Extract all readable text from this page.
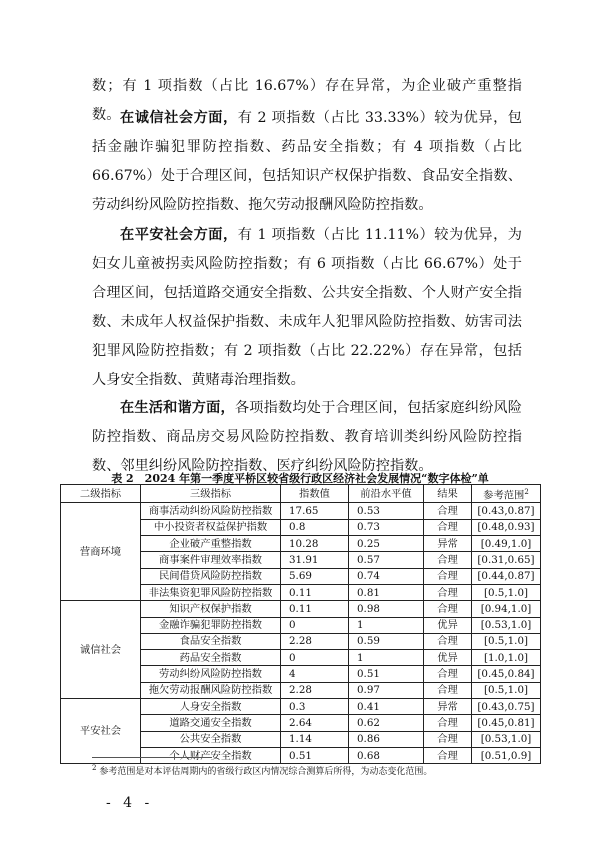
数；有 1 项指数（占比 16.67%）存在异常，为企业破产重整指数。 在诚信社会方面，有 2 项指数（占比 33.33%）较为优异，包括金融诈骗犯罪防控指数、药品安全指数；有 4 项指数（占比 66.67%）处于合理区间，包括知识产权保护指数、食品安全指数、劳动纠纷风险防控指数、拖欠劳动报酬风险防控指数。

在平安社会方面，有 1 项指数（占比 11.11%）较为优异，为妇女儿童被拐卖风险防控指数；有 6 项指数（占比 66.67%）处于合理区间，包括道路交通安全指数、公共安全指数、个人财产安全指数、未成年人权益保护指数、未成年人犯罪风险防控指数、妨害司法犯罪风险防控指数；有 2 项指数（占比 22.22%）存在异常，包括人身安全指数、黄赌毒治理指数。

在生活和谐方面，各项指数均处于合理区间，包括家庭纠纷风险防控指数、商品房交易风险防控指数、教育培训类纠纷风险防控指数、邻里纠纷风险防控指数、医疗纠纷风险防控指数。

表 2　2024 年第一季度平桥区较省级行政区经济社会发展情况“数字体检”单
二级指标	三级指标	指数值	前沿水平值	结果	参考范围$^2$
营商环境	商事活动纠纷风险防控指数	17.65	0.53	合理	[0.43,0.87]
	中小投资者权益保护指数	0.8	0.73	合理	[0.48,0.93]
	企业破产重整指数	10.28	0.25	异常	[0.49,1.0]
	商事案件审理效率指数	31.91	0.57	合理	[0.31,0.65]
	民间借贷风险防控指数	5.69	0.74	合理	[0.44,0.87]
	非法集资犯罪风险防控指数	0.11	0.81	合理	[0.5,1.0]
诚信社会	知识产权保护指数	0.11	0.98	合理	[0.94,1.0]
	金融诈骗犯罪防控指数	0	1	优异	[0.53,1.0]
	食品安全指数	2.28	0.59	合理	[0.5,1.0]
	药品安全指数	0	1	优异	[1.0,1.0]
	劳动纠纷风险防控指数	4	0.51	合理	[0.45,0.84]
	拖欠劳动报酬风险防控指数	2.28	0.97	合理	[0.5,1.0]
平安社会	人身安全指数	0.3	0.41	异常	[0.43,0.75]
	道路交通安全指数	2.64	0.62	合理	[0.45,0.81]
	公共安全指数	1.14	0.86	合理	[0.53,1.0]
	个人财产安全指数	0.51	0.68	合理	[0.51,0.9]
$^2$ 参考范围是对本评估周期内的省级行政区内情况综合测算后所得，为动态变化范围。
- 4 -
